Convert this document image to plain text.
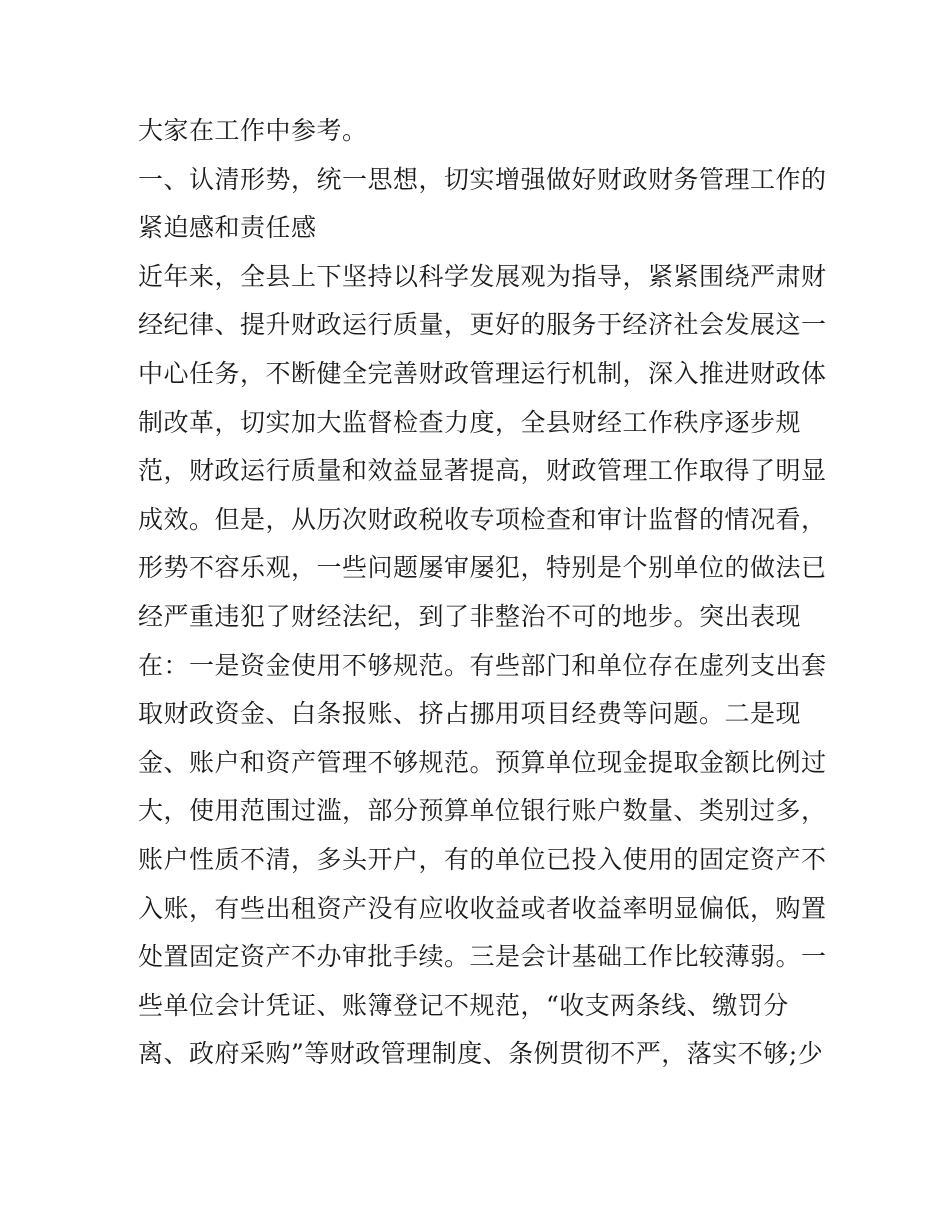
大家在工作中参考。
一、认清形势，统一思想，切实增强做好财政财务管理工作的
紧迫感和责任感
近年来，全县上下坚持以科学发展观为指导，紧紧围绕严肃财
经纪律、提升财政运行质量，更好的服务于经济社会发展这一
中心任务，不断健全完善财政管理运行机制，深入推进财政体
制改革，切实加大监督检查力度，全县财经工作秩序逐步规
范，财政运行质量和效益显著提高，财政管理工作取得了明显
成效。但是，从历次财政税收专项检查和审计监督的情况看，
形势不容乐观，一些问题屡审屡犯，特别是个别单位的做法已
经严重违犯了财经法纪，到了非整治不可的地步。突出表现
在：一是资金使用不够规范。有些部门和单位存在虚列支出套
取财政资金、白条报账、挤占挪用项目经费等问题。二是现
金、账户和资产管理不够规范。预算单位现金提取金额比例过
大，使用范围过滥，部分预算单位银行账户数量、类别过多，
账户性质不清，多头开户，有的单位已投入使用的固定资产不
入账，有些出租资产没有应收收益或者收益率明显偏低，购置
处置固定资产不办审批手续。三是会计基础工作比较薄弱。一
些单位会计凭证、账簿登记不规范，“收支两条线、缴罚分
离、政府采购”等财政管理制度、条例贯彻不严，落实不够;少
